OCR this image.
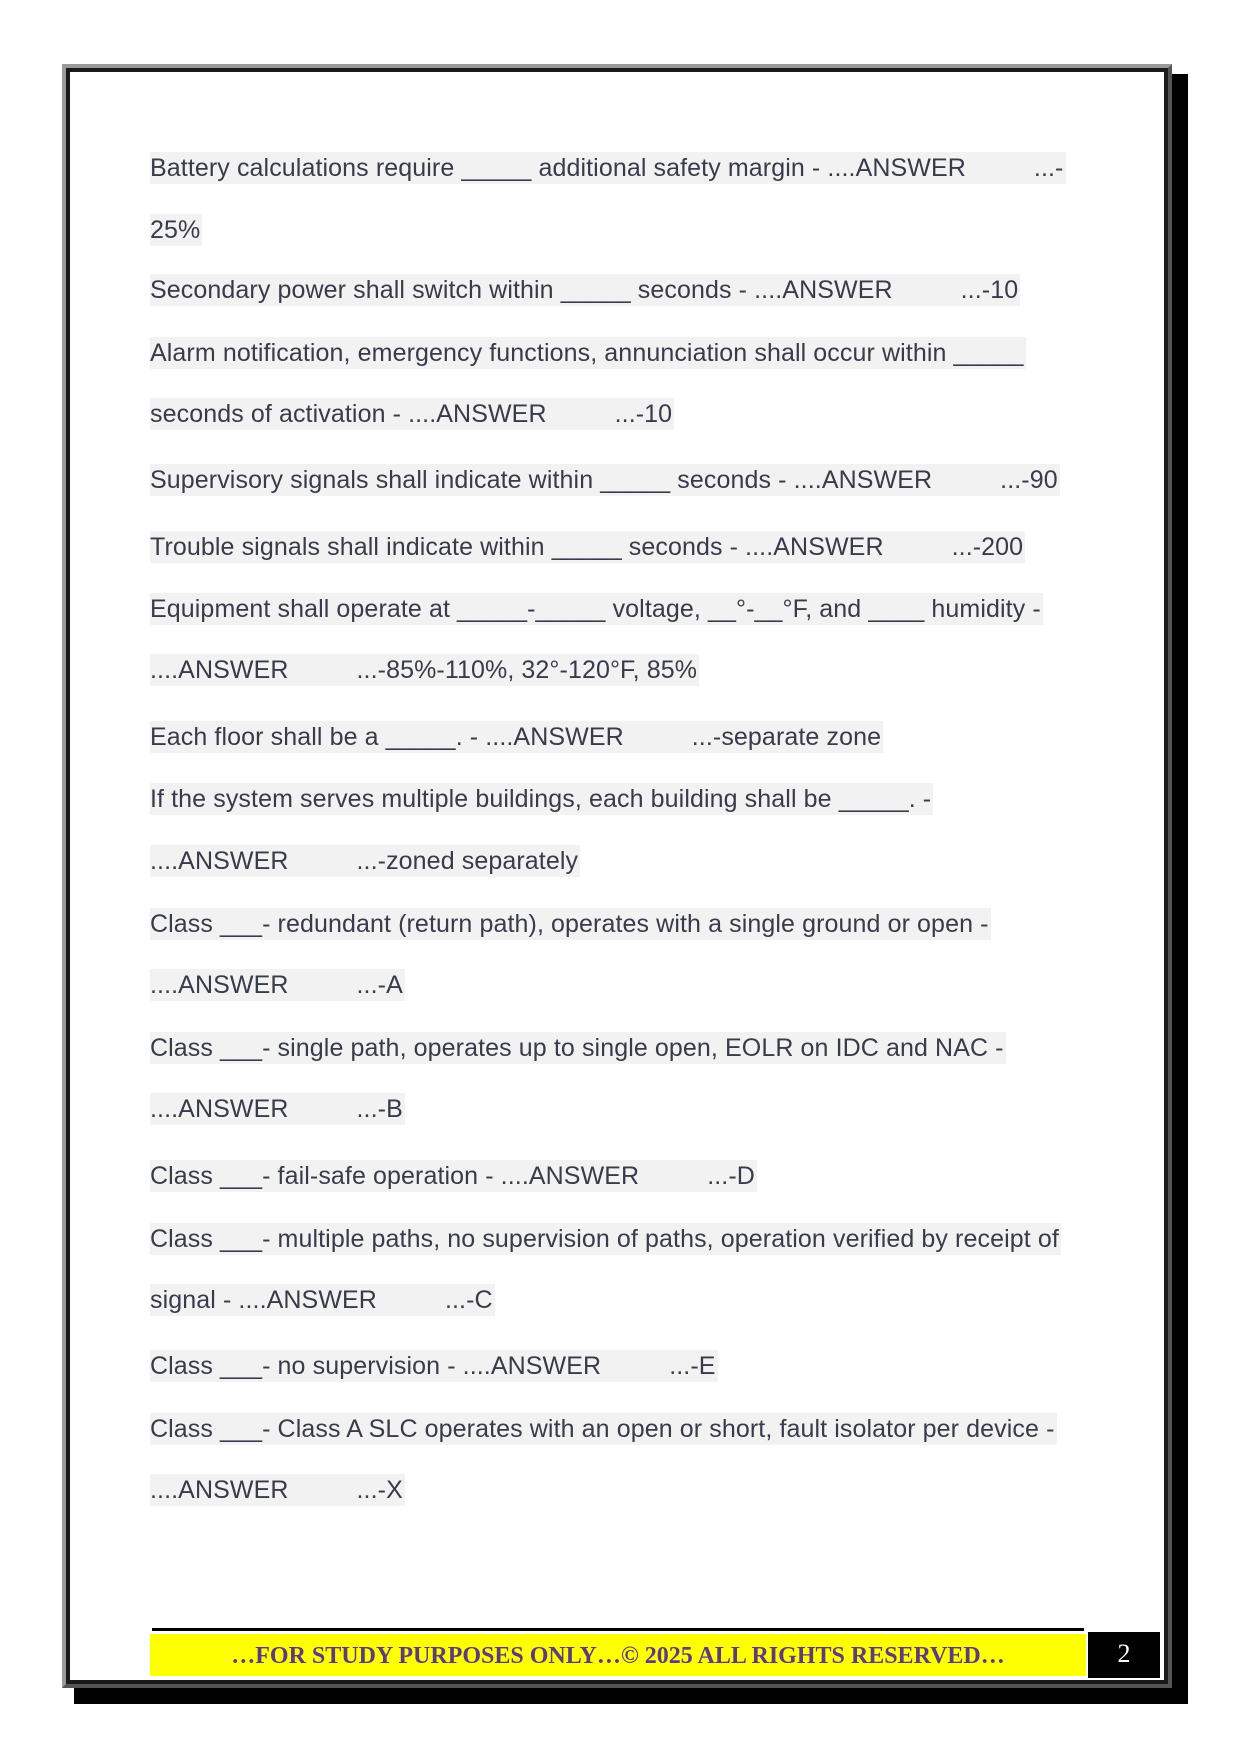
Battery calculations require _____ additional safety margin - ....ANSWER	...-
25%
Secondary power shall switch within _____ seconds - ....ANSWER	...-10
Alarm notification, emergency functions, annunciation shall occur within _____
seconds of activation - ....ANSWER	...-10
Supervisory signals shall indicate within _____ seconds - ....ANSWER	...-90
Trouble signals shall indicate within _____ seconds - ....ANSWER	...-200
Equipment shall operate at _____-_____ voltage, __°-__°F, and ____ humidity -
....ANSWER	...-85%-110%, 32°-120°F, 85%
Each floor shall be a _____. - ....ANSWER	...-separate zone
If the system serves multiple buildings, each building shall be _____. -
....ANSWER	...-zoned separately
Class ___- redundant (return path), operates with a single ground or open -
....ANSWER	...-A
Class ___- single path, operates up to single open, EOLR on IDC and NAC -
....ANSWER	...-B
Class ___- fail-safe operation - ....ANSWER	...-D
Class ___- multiple paths, no supervision of paths, operation verified by receipt of
signal - ....ANSWER	...-C
Class ___- no supervision - ....ANSWER	...-E
Class ___- Class A SLC operates with an open or short, fault isolator per device -
....ANSWER	...-X
…FOR STUDY PURPOSES ONLY…© 2025 ALL RIGHTS RESERVED…	2
